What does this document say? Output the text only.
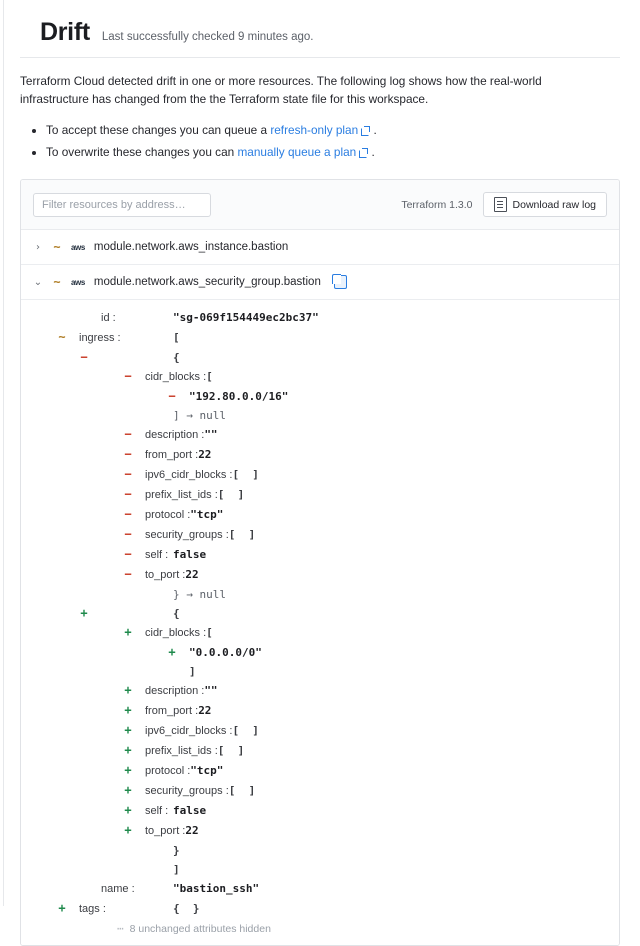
Drift Last successfully checked 9 minutes ago.
Terraform Cloud detected drift in one or more resources. The following log shows how the real-world infrastructure has changed from the the Terraform state file for this workspace.
• To accept these changes you can queue a refresh-only plan .
• To overwrite these changes you can manually queue a plan .
Filter resources by address…
Terraform 1.3.0	Download raw log
› ~ aws module.network.aws_instance.bastion
⌄ ~ aws module.network.aws_security_group.bastion

id :	"sg-069f154449ec2bc37"
~	ingress :	[
−	{
−	cidr_blocks : [
−	"192.80.0.0/16"

] → null
−	description : ""
−	from_port : 22
−	ipv6_cidr_blocks : [  ]
−	prefix_list_ids : [  ]
−	protocol : "tcp"
−	security_groups : [  ]
−	self : false
−	to_port : 22

} → null
+	{
+	cidr_blocks : [
+	"0.0.0.0/0"

]
+	description : ""
+	from_port : 22
+	ipv6_cidr_blocks : [  ]
+	prefix_list_ids : [  ]
+	protocol : "tcp"
+	security_groups : [  ]
+	self : false
+	to_port : 22

}

]

name :	"bastion_ssh"
+	tags :	{  }
⋯ 8 unchanged attributes hidden
